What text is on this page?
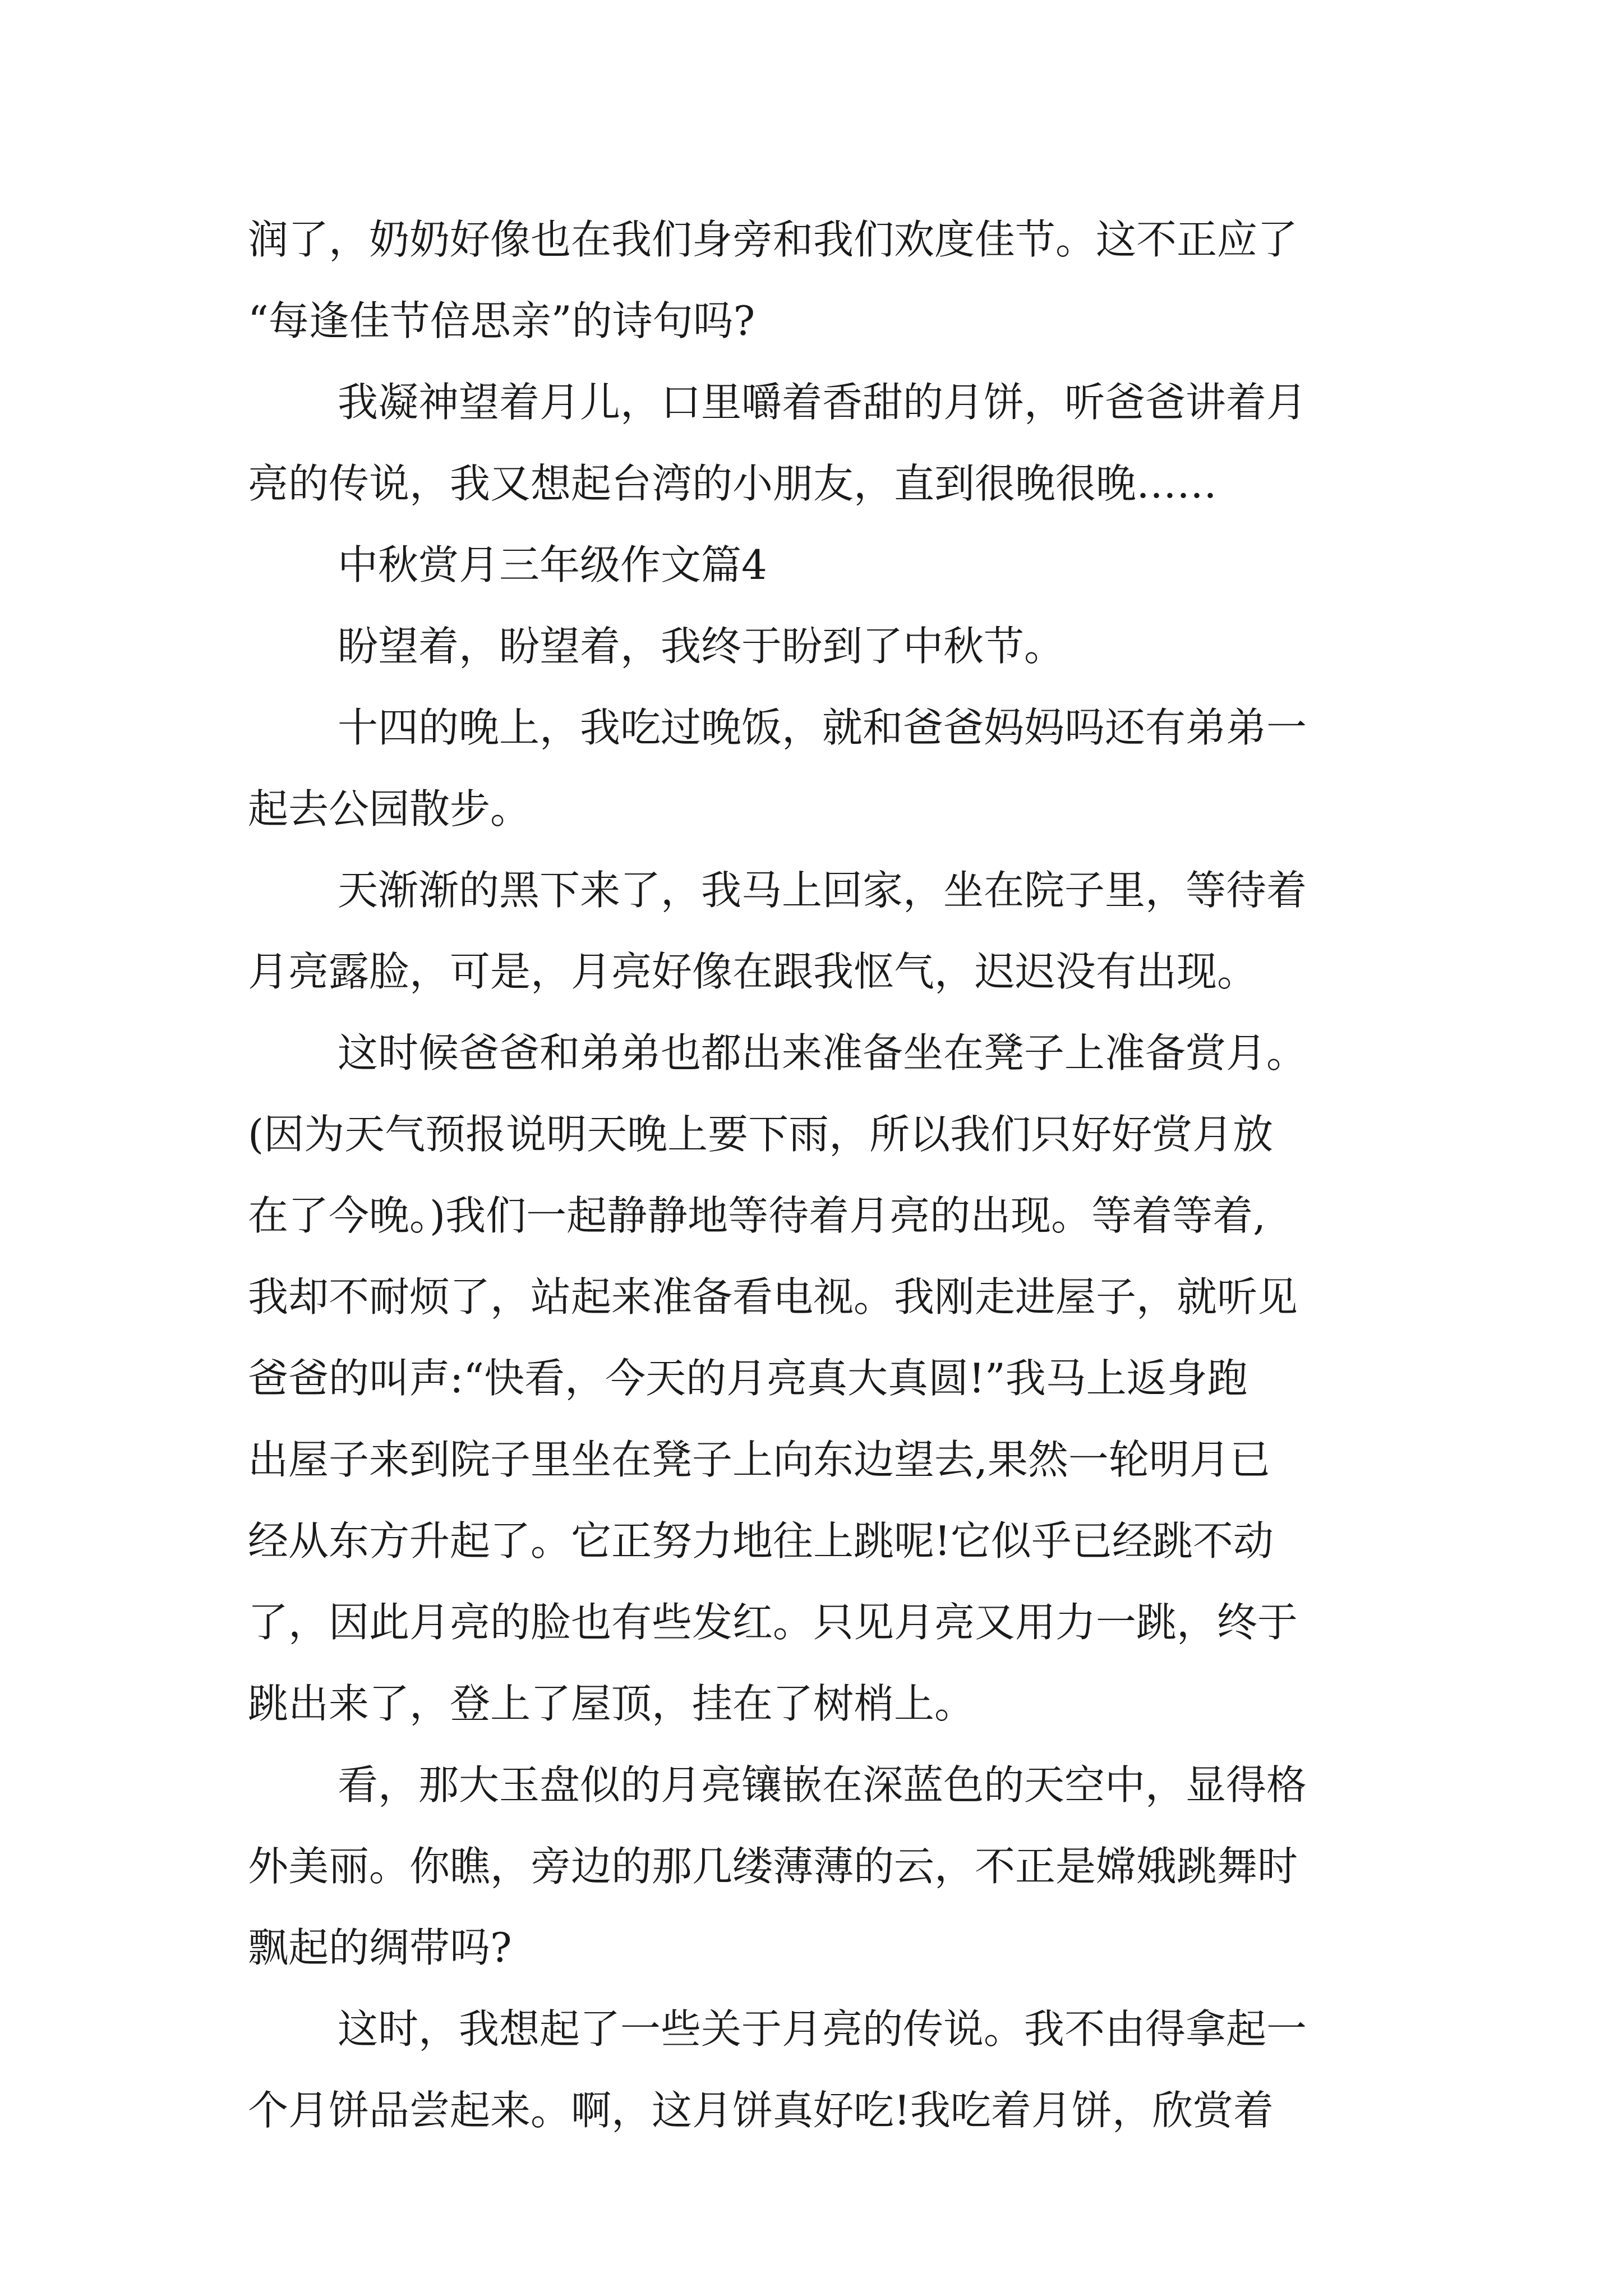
润了，奶奶好像也在我们身旁和我们欢度佳节。这不正应了
“每逢佳节倍思亲”的诗句吗?
我凝神望着月儿，口里嚼着香甜的月饼，听爸爸讲着月
亮的传说，我又想起台湾的小朋友，直到很晚很晚……
中秋赏月三年级作文篇4
盼望着，盼望着，我终于盼到了中秋节。
十四的晚上，我吃过晚饭，就和爸爸妈妈吗还有弟弟一
起去公园散步。
天渐渐的黑下来了，我马上回家，坐在院子里，等待着
月亮露脸，可是，月亮好像在跟我怄气，迟迟没有出现。
这时候爸爸和弟弟也都出来准备坐在凳子上准备赏月。
(因为天气预报说明天晚上要下雨，所以我们只好好赏月放
在了今晚。)我们一起静静地等待着月亮的出现。等着等着,
我却不耐烦了，站起来准备看电视。我刚走进屋子，就听见
爸爸的叫声:“快看，今天的月亮真大真圆!”我马上返身跑
出屋子来到院子里坐在凳子上向东边望去,果然一轮明月已
经从东方升起了。它正努力地往上跳呢!它似乎已经跳不动
了，因此月亮的脸也有些发红。只见月亮又用力一跳，终于
跳出来了，登上了屋顶，挂在了树梢上。
看，那大玉盘似的月亮镶嵌在深蓝色的天空中，显得格
外美丽。你瞧，旁边的那几缕薄薄的云，不正是嫦娥跳舞时
飘起的绸带吗?
这时，我想起了一些关于月亮的传说。我不由得拿起一
个月饼品尝起来。啊，这月饼真好吃!我吃着月饼，欣赏着
